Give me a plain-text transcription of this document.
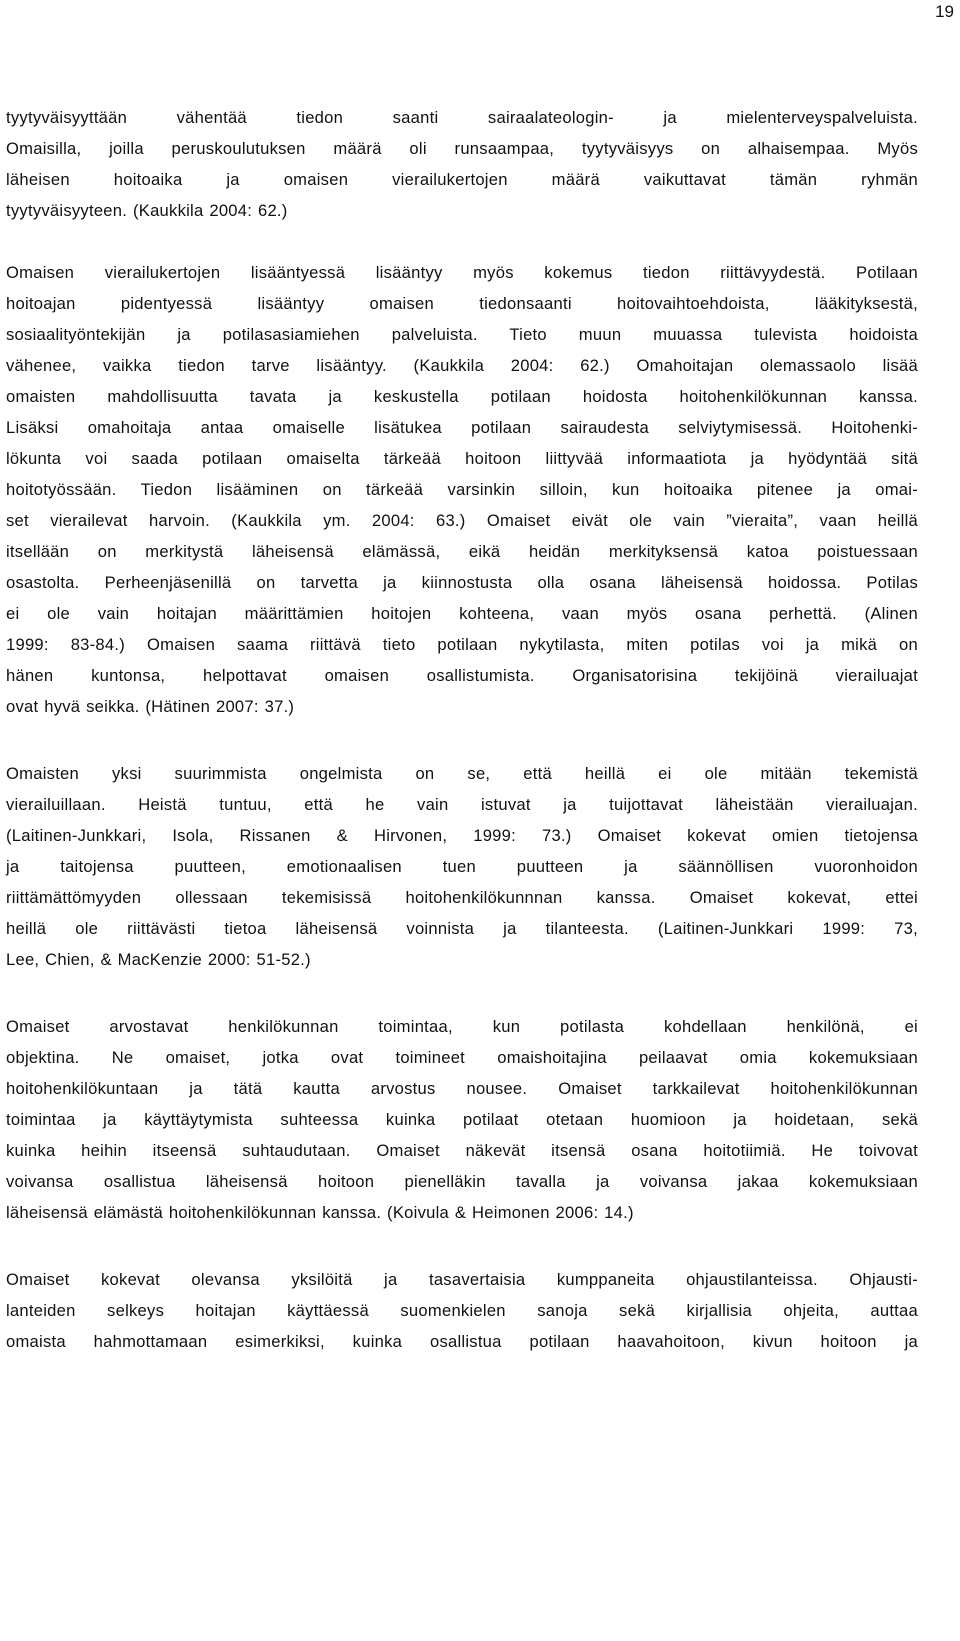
19

tyytyväisyyttään vähentää tiedon saanti sairaalateologin- ja mielenterveyspalveluista.
Omaisilla, joilla peruskoulutuksen määrä oli runsaampaa, tyytyväisyys on alhaisempaa. Myös
läheisen hoitoaika ja omaisen vierailukertojen määrä vaikuttavat tämän ryhmän
tyytyväisyyteen. (Kaukkila 2004: 62.)

Omaisen vierailukertojen lisääntyessä lisääntyy myös kokemus tiedon riittävyydestä. Potilaan
hoitoajan pidentyessä lisääntyy omaisen tiedonsaanti hoitovaihtoehdoista, lääkityksestä,
sosiaalityöntekijän ja potilasasiamiehen palveluista. Tieto muun muuassa tulevista hoidoista
vähenee, vaikka tiedon tarve lisääntyy. (Kaukkila 2004: 62.) Omahoitajan olemassaolo lisää
omaisten mahdollisuutta tavata ja keskustella potilaan hoidosta hoitohenkilökunnan kanssa.
Lisäksi omahoitaja antaa omaiselle lisätukea potilaan sairaudesta selviytymisessä. Hoitohenki-
lökunta voi saada potilaan omaiselta tärkeää hoitoon liittyvää informaatiota ja hyödyntää sitä
hoitotyössään. Tiedon lisääminen on tärkeää varsinkin silloin, kun hoitoaika pitenee ja omai-
set vierailevat harvoin. (Kaukkila ym. 2004: 63.) Omaiset eivät ole vain ”vieraita”, vaan heillä
itsellään on merkitystä läheisensä elämässä, eikä heidän merkityksensä katoa poistuessaan
osastolta. Perheenjäsenillä on tarvetta ja kiinnostusta olla osana läheisensä hoidossa. Potilas
ei ole vain hoitajan määrittämien hoitojen kohteena, vaan myös osana perhettä. (Alinen
1999: 83-84.) Omaisen saama riittävä tieto potilaan nykytilasta, miten potilas voi ja mikä on
hänen kuntonsa, helpottavat omaisen osallistumista. Organisatorisina tekijöinä vierailuajat
ovat hyvä seikka. (Hätinen 2007: 37.)

Omaisten yksi suurimmista ongelmista on se, että heillä ei ole mitään tekemistä
vierailuillaan. Heistä tuntuu, että he vain istuvat ja tuijottavat läheistään vierailuajan.
(Laitinen-Junkkari, Isola, Rissanen & Hirvonen, 1999: 73.) Omaiset kokevat omien tietojensa
ja taitojensa puutteen, emotionaalisen tuen puutteen ja säännöllisen vuoronhoidon
riittämättömyyden ollessaan tekemisissä hoitohenkilökunnnan kanssa. Omaiset kokevat, ettei
heillä ole riittävästi tietoa läheisensä voinnista ja tilanteesta. (Laitinen-Junkkari 1999: 73,
Lee, Chien, & MacKenzie 2000: 51-52.)

Omaiset arvostavat henkilökunnan toimintaa, kun potilasta kohdellaan henkilönä, ei
objektina. Ne omaiset, jotka ovat toimineet omaishoitajina peilaavat omia kokemuksiaan
hoitohenkilökuntaan ja tätä kautta arvostus nousee. Omaiset tarkkailevat hoitohenkilökunnan
toimintaa ja käyttäytymista suhteessa kuinka potilaat otetaan huomioon ja hoidetaan, sekä
kuinka heihin itseensä suhtaudutaan. Omaiset näkevät itsensä osana hoitotiimiä. He toivovat
voivansa osallistua läheisensä hoitoon pienelläkin tavalla ja voivansa jakaa kokemuksiaan
läheisensä elämästä hoitohenkilökunnan kanssa. (Koivula & Heimonen 2006: 14.)

Omaiset kokevat olevansa yksilöitä ja tasavertaisia kumppaneita ohjaustilanteissa. Ohjausti-
lanteiden selkeys hoitajan käyttäessä suomenkielen sanoja sekä kirjallisia ohjeita, auttaa
omaista hahmottamaan esimerkiksi, kuinka osallistua potilaan haavahoitoon, kivun hoitoon ja
